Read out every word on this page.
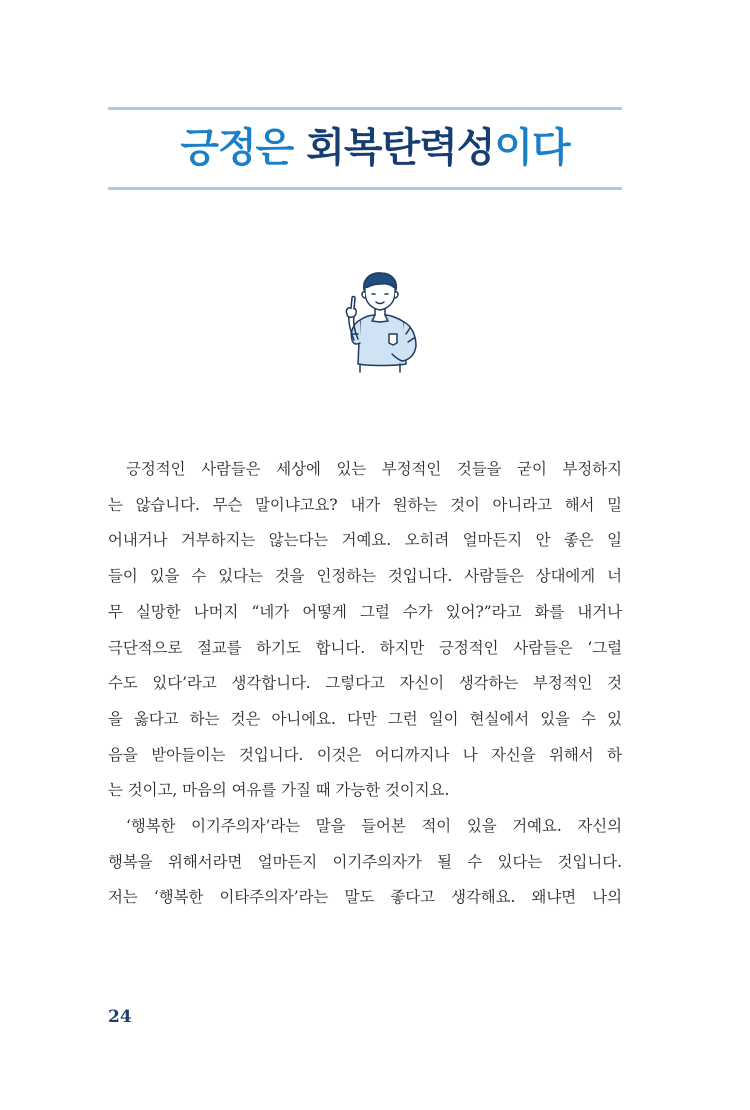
긍정은 회복탄력성이다
긍정적인 사람들은 세상에 있는 부정적인 것들을 굳이 부정하지
는 않습니다. 무슨 말이냐고요? 내가 원하는 것이 아니라고 해서 밀
어내거나 거부하지는 않는다는 거예요. 오히려 얼마든지 안 좋은 일
들이 있을 수 있다는 것을 인정하는 것입니다. 사람들은 상대에게 너
무 실망한 나머지 “네가 어떻게 그럴 수가 있어?”라고 화를 내거나
극단적으로 절교를 하기도 합니다. 하지만 긍정적인 사람들은 ‘그럴
수도 있다’라고 생각합니다. 그렇다고 자신이 생각하는 부정적인 것
을 옳다고 하는 것은 아니에요. 다만 그런 일이 현실에서 있을 수 있
음을 받아들이는 것입니다. 이것은 어디까지나 나 자신을 위해서 하
는 것이고, 마음의 여유를 가질 때 가능한 것이지요.
‘행복한 이기주의자’라는 말을 들어본 적이 있을 거예요. 자신의
행복을 위해서라면 얼마든지 이기주의자가 될 수 있다는 것입니다.
저는 ‘행복한 이타주의자’라는 말도 좋다고 생각해요. 왜냐면 나의
24
